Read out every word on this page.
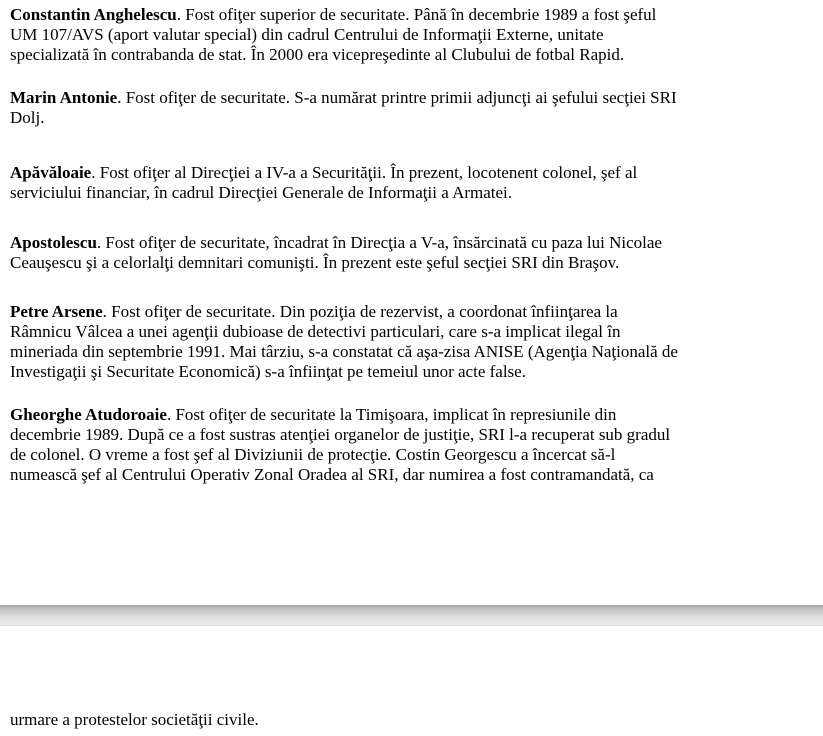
Constantin Anghelescu. Fost ofiţer superior de securitate. Până în decembrie 1989 a fost şeful
UM 107/AVS (aport valutar special) din cadrul Centrului de Informaţii Externe, unitate
specializată în contrabanda de stat. În 2000 era vicepreşedinte al Clubului de fotbal Rapid.
Marin Antonie. Fost ofiţer de securitate. S-a numărat printre primii adjuncţi ai şefului secţiei SRI
Dolj.
Apăvăloaie. Fost ofiţer al Direcţiei a IV-a a Securităţii. În prezent, locotenent colonel, şef al
serviciului financiar, în cadrul Direcţiei Generale de Informaţii a Armatei.
Apostolescu. Fost ofiţer de securitate, încadrat în Direcţia a V-a, însărcinată cu paza lui Nicolae
Ceauşescu şi a celorlalţi demnitari comunişti. În prezent este şeful secţiei SRI din Braşov.
Petre Arsene. Fost ofiţer de securitate. Din poziţia de rezervist, a coordonat înfiinţarea la
Râmnicu Vâlcea a unei agenţii dubioase de detectivi particulari, care s-a implicat ilegal în
mineriada din septembrie 1991. Mai târziu, s-a constatat că aşa-zisa ANISE (Agenţia Naţională de
Investigaţii şi Securitate Economică) s-a înfiinţat pe temeiul unor acte false.
Gheorghe Atudoroaie. Fost ofiţer de securitate la Timişoara, implicat în represiunile din
decembrie 1989. După ce a fost sustras atenţiei organelor de justiţie, SRI l-a recuperat sub gradul
de colonel. O vreme a fost şef al Diviziunii de protecţie. Costin Georgescu a încercat să-l
numească şef al Centrului Operativ Zonal Oradea al SRI, dar numirea a fost contramandată, ca
urmare a protestelor societăţii civile.
